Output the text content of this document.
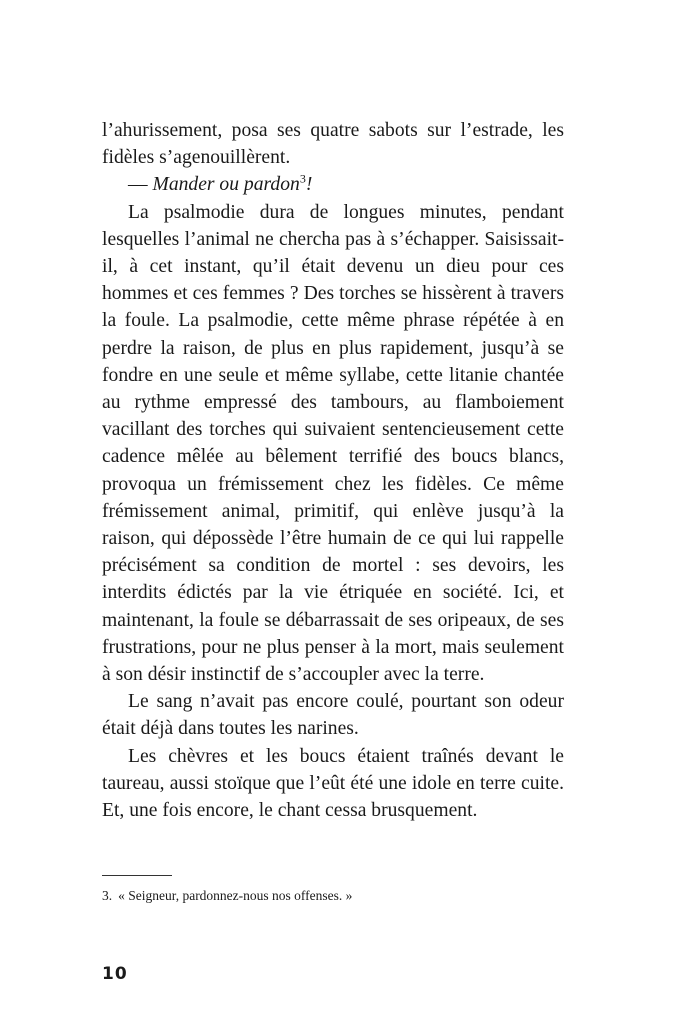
l’ahurissement, posa ses quatre sabots sur l’estrade, les fidèles s’agenouillèrent.

— Mander ou pardon$^3$!

La psalmodie dura de longues minutes, pendant lesquelles l’animal ne chercha pas à s’échapper. Saisissait-il, à cet instant, qu’il était devenu un dieu pour ces hommes et ces femmes ? Des torches se hissèrent à travers la foule. La psalmodie, cette même phrase répétée à en perdre la raison, de plus en plus rapidement, jusqu’à se fondre en une seule et même syllabe, cette litanie chantée au rythme empressé des tambours, au flamboiement vacillant des torches qui suivaient sentencieusement cette cadence mêlée au bêlement terrifié des boucs blancs, provoqua un frémissement chez les fidèles. Ce même frémissement animal, primitif, qui enlève jusqu’à la raison, qui dépossède l’être humain de ce qui lui rappelle précisément sa condition de mortel : ses devoirs, les interdits édictés par la vie étriquée en société. Ici, et maintenant, la foule se débarrassait de ses oripeaux, de ses frustrations, pour ne plus penser à la mort, mais seulement à son désir instinctif de s’accoupler avec la terre.

Le sang n’avait pas encore coulé, pourtant son odeur était déjà dans toutes les narines.

Les chèvres et les boucs étaient traînés devant le taureau, aussi stoïque que l’eût été une idole en terre cuite. Et, une fois encore, le chant cessa brusquement.

3. « Seigneur, pardonnez-nous nos offenses. »
10
